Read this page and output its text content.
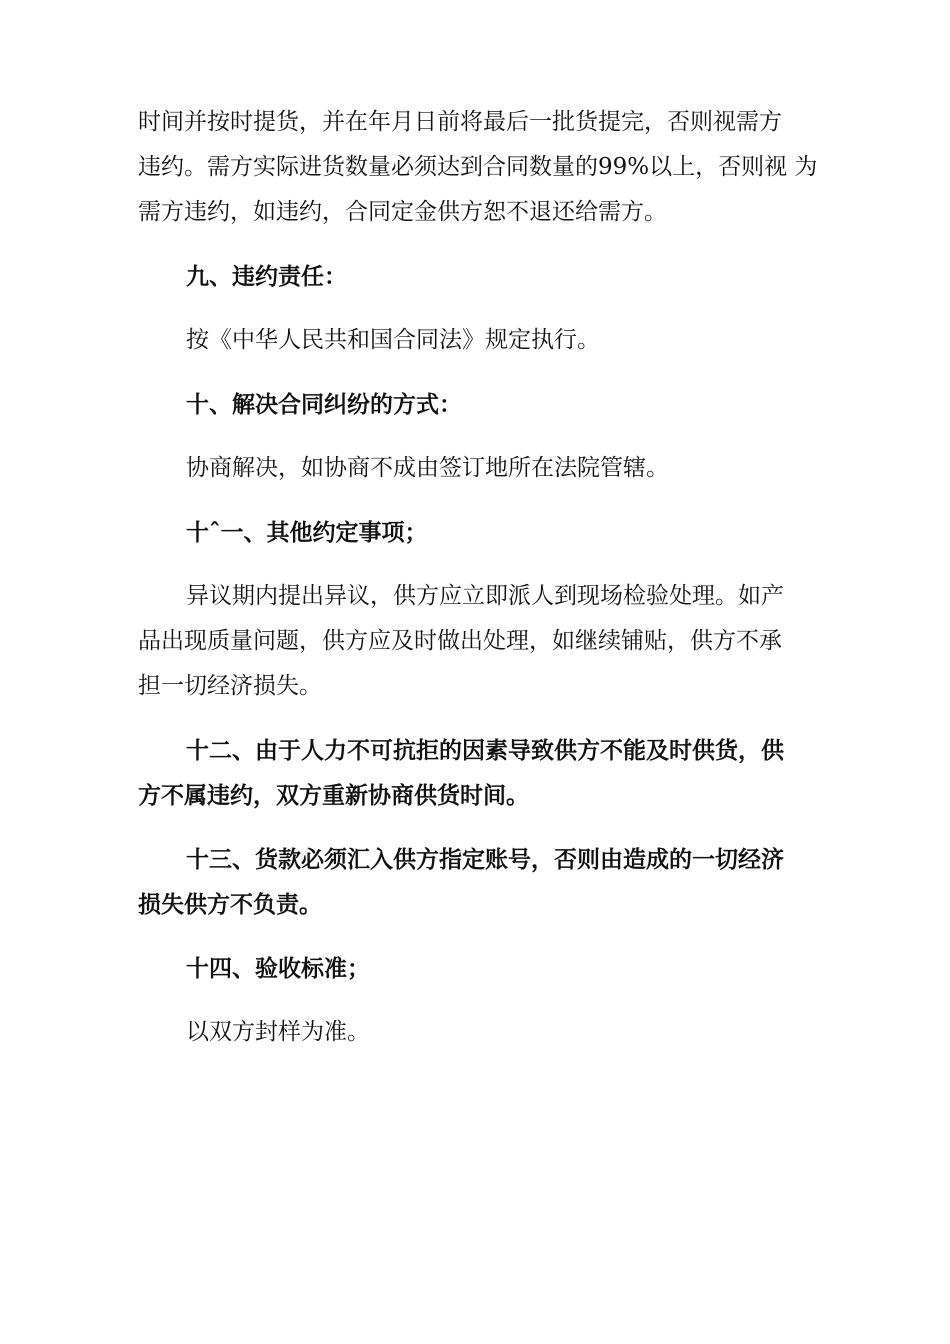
时间并按时提货，并在年月日前将最后一批货提完，否则视需方
违约。需方实际进货数量必须达到合同数量的99%以上，否则视 为
需方违约，如违约，合同定金供方恕不退还给需方。

九、违约责任：

按《中华人民共和国合同法》规定执行。

十、解决合同纠纷的方式：

协商解决，如协商不成由签订地所在法院管辖。

十ˆ一、其他约定事项；

异议期内提出异议，供方应立即派人到现场检验处理。如产
品出现质量问题，供方应及时做出处理，如继续铺贴，供方不承
担一切经济损失。

十二、由于人力不可抗拒的因素导致供方不能及时供货，供
方不属违约，双方重新协商供货时间。

十三、货款必须汇入供方指定账号，否则由造成的一切经济
损失供方不负责。

十四、验收标准；

以双方封样为准。
